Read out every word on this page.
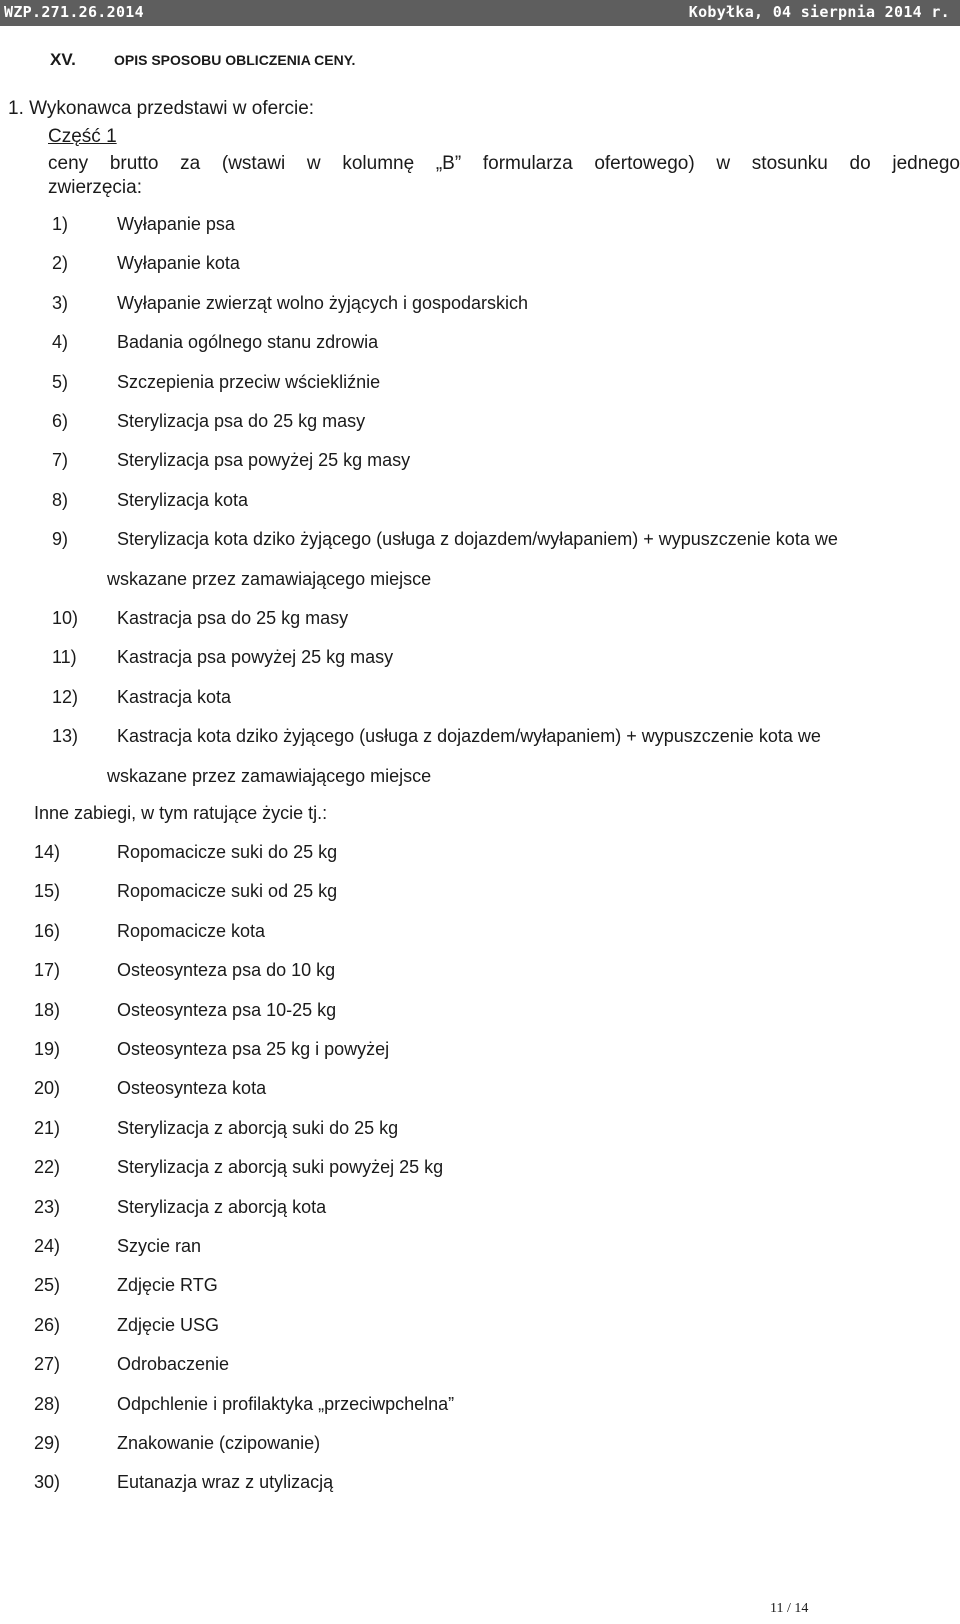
WZP.271.26.2014	Kobyłka, 04 sierpnia 2014 r.
XV.	OPIS SPOSOBU OBLICZENIA CENY.
1. Wykonawca przedstawi w ofercie:
Część 1
ceny brutto za (wstawi w kolumnę „B” formularza ofertowego) w stosunku do jednego
zwierzęcia:
1)	Wyłapanie psa
2)	Wyłapanie kota
3)	Wyłapanie zwierząt wolno żyjących i gospodarskich
4)	Badania ogólnego stanu zdrowia
5)	Szczepienia przeciw wściekliźnie
6)	Sterylizacja psa do 25 kg masy
7)	Sterylizacja psa powyżej 25 kg masy
8)	Sterylizacja kota
9)	Sterylizacja kota dziko żyjącego (usługa z dojazdem/wyłapaniem) + wypuszczenie kota we
wskazane przez zamawiającego miejsce
10) Kastracja psa do 25 kg masy
11) Kastracja psa powyżej 25 kg masy
12) Kastracja kota
13) Kastracja kota dziko żyjącego (usługa z dojazdem/wyłapaniem) + wypuszczenie kota we
wskazane przez zamawiającego miejsce
Inne zabiegi, w tym ratujące życie tj.:
14)	Ropomacicze suki do 25 kg
15)	Ropomacicze suki od 25 kg
16)	Ropomacicze kota
17)	Osteosynteza psa do 10 kg
18)	Osteosynteza psa 10-25 kg
19)	Osteosynteza psa 25 kg i powyżej
20)	Osteosynteza kota
21)	Sterylizacja z aborcją suki do 25 kg
22)	Sterylizacja z aborcją suki powyżej 25 kg
23)	Sterylizacja z aborcją kota
24)	Szycie ran
25)	Zdjęcie RTG
26)	Zdjęcie USG
27)	Odrobaczenie
28)	Odpchlenie i profilaktyka „przeciwpchelna”
29)	Znakowanie (czipowanie)
30)	Eutanazja wraz z utylizacją
11 / 14
